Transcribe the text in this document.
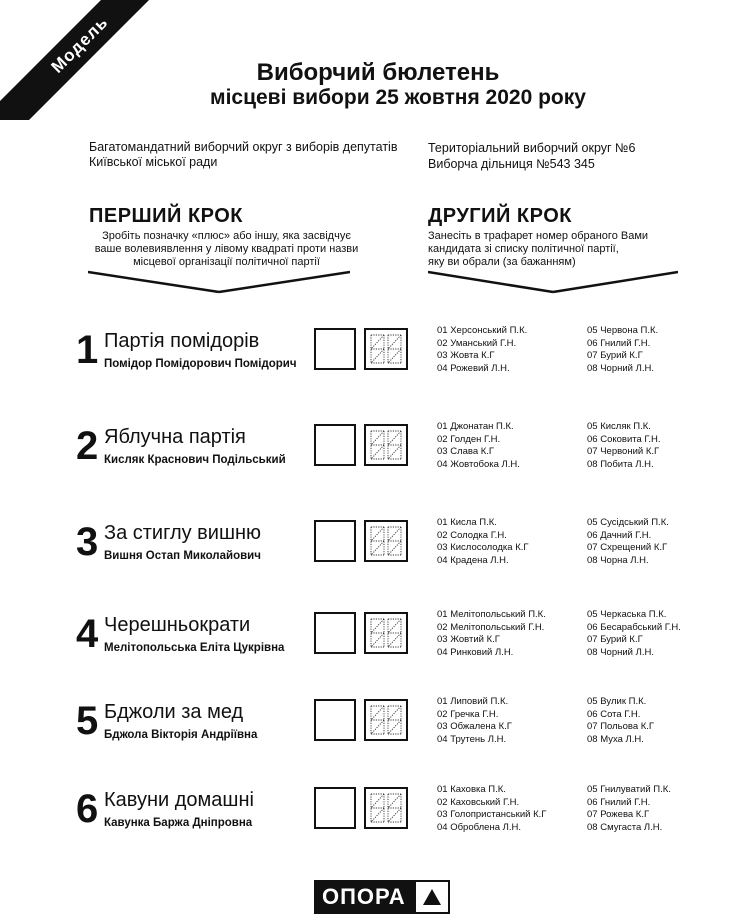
Модель	Виборчий бюлетень
місцеві вибори 25 жовтня 2020 року
Багатомандатний виборчий округ з виборів депутатів
Київської міської ради
Територіальний виборчий округ №6
Виборча дільниця №543 345
ПЕРШИЙ КРОК
Зробіть позначку «плюс» або іншу, яка засвідчує
ваше волевиявлення у лівому квадраті проти назви
місцевої організації політичної партії
ДРУГИЙ КРОК
Занесіть в трафарет номер обраного Вами
кандидата зі списку політичної партії,
яку ви обрали (за бажанням)
1 Партія помідорів
Помідор Помідорович Помідорич
01 Херсонський П.К.
02 Уманський Г.Н.
03 Жовта К.Г
04 Рожевий Л.Н.
05 Червона П.К.
06 Гнилий Г.Н.
07 Бурий К.Г
08 Чорний Л.Н.
2 Яблучна партія
Кисляк Краснович Подільський
01 Джонатан П.К.
02 Голден Г.Н.
03 Слава К.Г
04 Жовтобока Л.Н.
05 Кисляк П.К.
06 Соковита Г.Н.
07 Червоний К.Г
08 Побита Л.Н.
3 За стиглу вишню
Вишня Остап Миколайович
01 Кисла П.К.
02 Солодка Г.Н.
03 Кислосолодка К.Г
04 Крадена Л.Н.
05 Сусідський П.К.
06 Дачний Г.Н.
07 Схрещений К.Г
08 Чорна Л.Н.
4 Черешньократи
Мелітопольська Еліта Цукрівна
01 Мелітопольський П.К.
02 Мелітопольський Г.Н.
03 Жовтий К.Г
04 Ринковий Л.Н.
05 Черкаська П.К.
06 Бесарабський Г.Н.
07 Бурий К.Г
08 Чорний Л.Н.
5 Бджоли за мед
Бджола Вікторія Андріївна
01 Липовий П.К.
02 Гречка Г.Н.
03 Обжалена К.Г
04 Трутень Л.Н.
05 Вулик П.К.
06 Сота Г.Н.
07 Польова К.Г
08 Муха Л.Н.
6 Кавуни домашні
Кавунка Баржа Дніпровна
01 Каховка П.К.
02 Каховський Г.Н.
03 Голопристанський К.Г
04 Оброблена Л.Н.
05 Гнилуватий П.К.
06 Гнилий Г.Н.
07 Рожева К.Г
08 Смугаста Л.Н.
ОПОРА
